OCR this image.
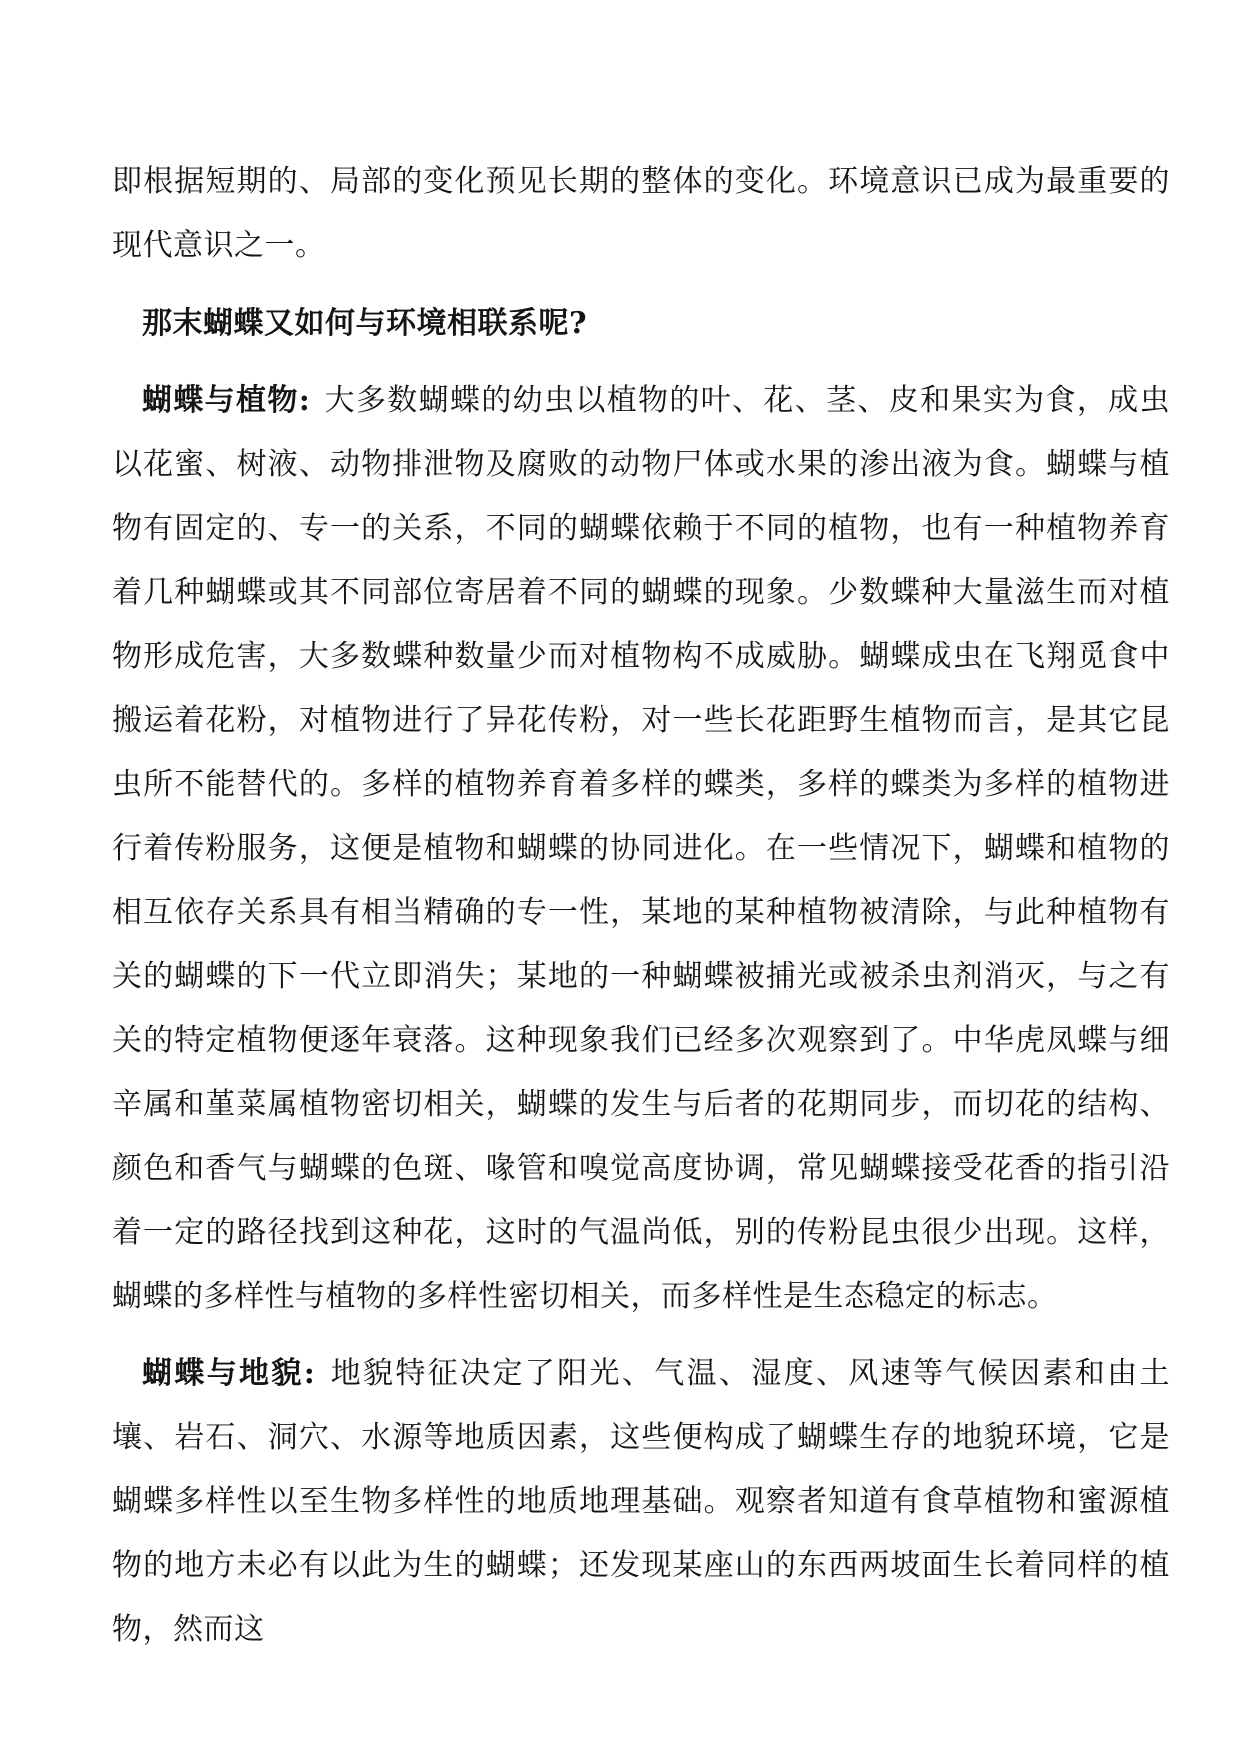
即根据短期的、局部的变化预见长期的整体的变化。环境意识已成为最重要的现代意识之一。

那末蝴蝶又如何与环境相联系呢?

蝴蝶与植物: 大多数蝴蝶的幼虫以植物的叶、花、茎、皮和果实为食，成虫以花蜜、树液、动物排泄物及腐败的动物尸体或水果的渗出液为食。蝴蝶与植物有固定的、专一的关系，不同的蝴蝶依赖于不同的植物，也有一种植物养育着几种蝴蝶或其不同部位寄居着不同的蝴蝶的现象。少数蝶种大量滋生而对植物形成危害，大多数蝶种数量少而对植物构不成威胁。蝴蝶成虫在飞翔觅食中搬运着花粉，对植物进行了异花传粉，对一些长花距野生植物而言，是其它昆虫所不能替代的。多样的植物养育着多样的蝶类，多样的蝶类为多样的植物进行着传粉服务，这便是植物和蝴蝶的协同进化。在一些情况下，蝴蝶和植物的相互依存关系具有相当精确的专一性，某地的某种植物被清除，与此种植物有关的蝴蝶的下一代立即消失；某地的一种蝴蝶被捕光或被杀虫剂消灭，与之有关的特定植物便逐年衰落。这种现象我们已经多次观察到了。中华虎凤蝶与细辛属和堇菜属植物密切相关，蝴蝶的发生与后者的花期同步，而切花的结构、颜色和香气与蝴蝶的色斑、喙管和嗅觉高度协调，常见蝴蝶接受花香的指引沿着一定的路径找到这种花，这时的气温尚低，别的传粉昆虫很少出现。这样，蝴蝶的多样性与植物的多样性密切相关，而多样性是生态稳定的标志。

蝴蝶与地貌: 地貌特征决定了阳光、气温、湿度、风速等气候因素和由土壤、岩石、洞穴、水源等地质因素，这些便构成了蝴蝶生存的地貌环境，它是蝴蝶多样性以至生物多样性的地质地理基础。观察者知道有食草植物和蜜源植物的地方未必有以此为生的蝴蝶；还发现某座山的东西两坡面生长着同样的植物，然而这
